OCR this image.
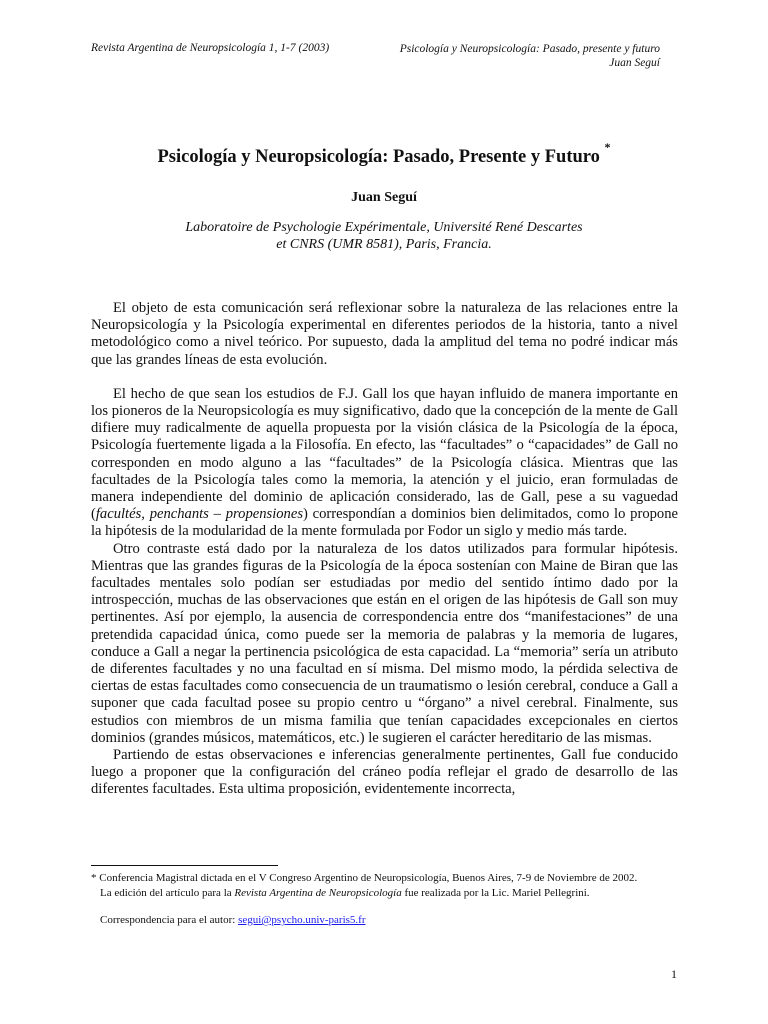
Revista Argentina de Neuropsicología 1, 1-7 (2003)	Psicología y Neuropsicología: Pasado, presente y futuro
Juan Seguí
Psicología y Neuropsicología: Pasado, Presente y Futuro *
Juan Seguí
Laboratoire de Psychologie Expérimentale, Université René Descartes
et CNRS (UMR 8581), Paris, Francia.

El objeto de esta comunicación será reflexionar sobre la naturaleza de las relaciones entre la Neuropsicología y la Psicología experimental en diferentes periodos de la historia, tanto a nivel metodológico como a nivel teórico. Por supuesto, dada la amplitud del tema no podré indicar más que las grandes líneas de esta evolución.

El hecho de que sean los estudios de F.J. Gall los que hayan influido de manera importante en los pioneros de la Neuropsicología es muy significativo, dado que la concepción de la mente de Gall difiere muy radicalmente de aquella propuesta por la visión clásica de la Psicología de la época, Psicología fuertemente ligada a la Filosofía. En efecto, las “facultades” o “capacidades” de Gall no corresponden en modo alguno a las “facultades” de la Psicología clásica. Mientras que las facultades de la Psicología tales como la memoria, la atención y el juicio, eran formuladas de manera independiente del dominio de aplicación considerado, las de Gall, pese a su vaguedad (facultés, penchants – propensiones) correspondían a dominios bien delimitados, como lo propone la hipótesis de la modularidad de la mente formulada por Fodor un siglo y medio más tarde.

Otro contraste está dado por la naturaleza de los datos utilizados para formular hipótesis. Mientras que las grandes figuras de la Psicología de la época sostenían con Maine de Biran que las facultades mentales solo podían ser estudiadas por medio del sentido íntimo dado por la introspección, muchas de las observaciones que están en el origen de las hipótesis de Gall son muy pertinentes. Así por ejemplo, la ausencia de correspondencia entre dos “manifestaciones” de una pretendida capacidad única, como puede ser la memoria de palabras y la memoria de lugares, conduce a Gall a negar la pertinencia psicológica de esta capacidad. La “memoria” sería un atributo de diferentes facultades y no una facultad en sí misma. Del mismo modo, la pérdida selectiva de ciertas de estas facultades como consecuencia de un traumatismo o lesión cerebral, conduce a Gall a suponer que cada facultad posee su propio centro u “órgano” a nivel cerebral. Finalmente, sus estudios con miembros de un misma familia que tenían capacidades excepcionales en ciertos dominios (grandes músicos, matemáticos, etc.) le sugieren el carácter hereditario de las mismas.

Partiendo de estas observaciones e inferencias generalmente pertinentes, Gall fue conducido luego a proponer que la configuración del cráneo podía reflejar el grado de desarrollo de las diferentes facultades. Esta ultima proposición, evidentemente incorrecta,

* Conferencia Magistral dictada en el V Congreso Argentino de Neuropsicología, Buenos Aires, 7-9 de Noviembre de 2002.
La edición del artículo para la Revista Argentina de Neuropsicología fue realizada por la Lic. Mariel Pellegrini.
Correspondencia para el autor: segui@psycho.univ-paris5.fr
1
